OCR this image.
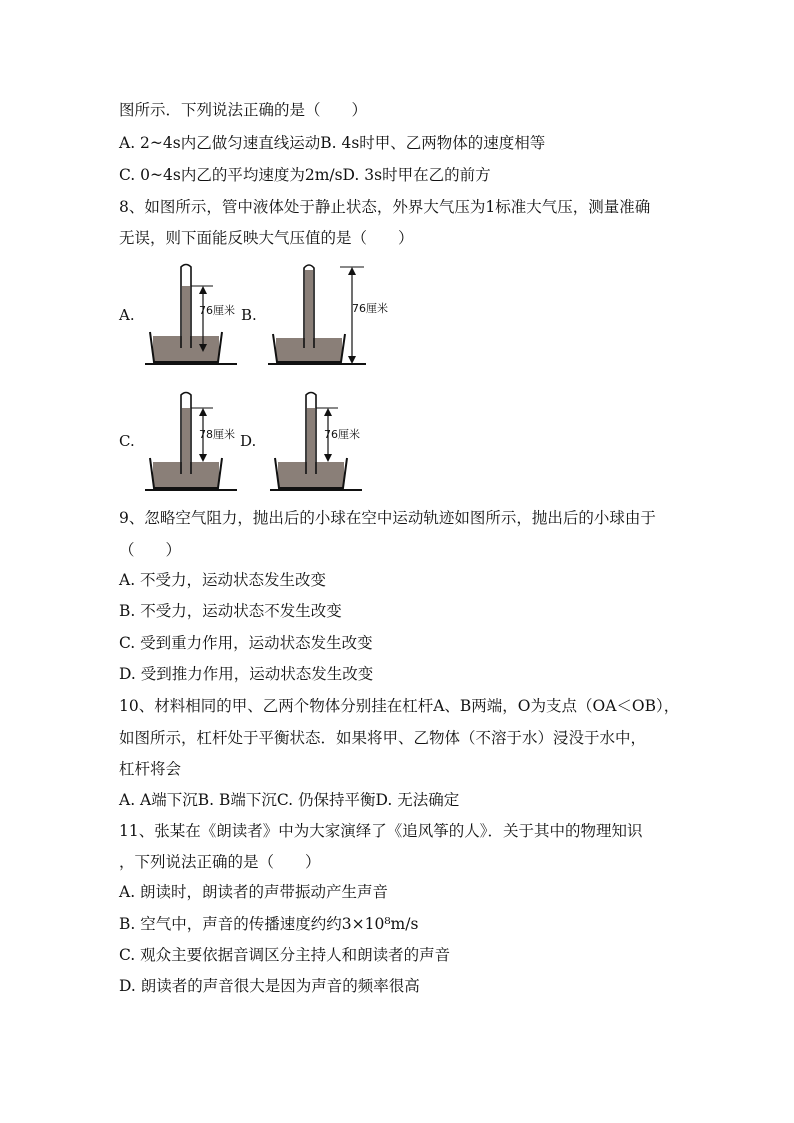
图所示．下列说法正确的是（　　）
A. 2~4s内乙做匀速直线运动B. 4s时甲、乙两物体的速度相等
C. 0~4s内乙的平均速度为2m/sD. 3s时甲在乙的前方
8、如图所示，管中液体处于静止状态，外界大气压为1标准大气压，测量准确
无误，则下面能反映大气压值的是（　　）
A.
C.
76厘米 B.	76厘米
78厘米 D.	76厘米
9、忽略空气阻力，抛出后的小球在空中运动轨迹如图所示，抛出后的小球由于
（　　）
A. 不受力，运动状态发生改变
B. 不受力，运动状态不发生改变
C. 受到重力作用，运动状态发生改变
D. 受到推力作用，运动状态发生改变
10、材料相同的甲、乙两个物体分别挂在杠杆A、B两端，O为支点（OA＜OB），
如图所示，杠杆处于平衡状态．如果将甲、乙物体（不溶于水）浸没于水中，
杠杆将会
A. A端下沉B. B端下沉C. 仍保持平衡D. 无法确定
11、张某在《朗读者》中为大家演绎了《追风筝的人》．关于其中的物理知识
，下列说法正确的是（　　）
A. 朗读时，朗读者的声带振动产生声音
B. 空气中，声音的传播速度约约3×10⁸m/s
C. 观众主要依据音调区分主持人和朗读者的声音
D. 朗读者的声音很大是因为声音的频率很高
